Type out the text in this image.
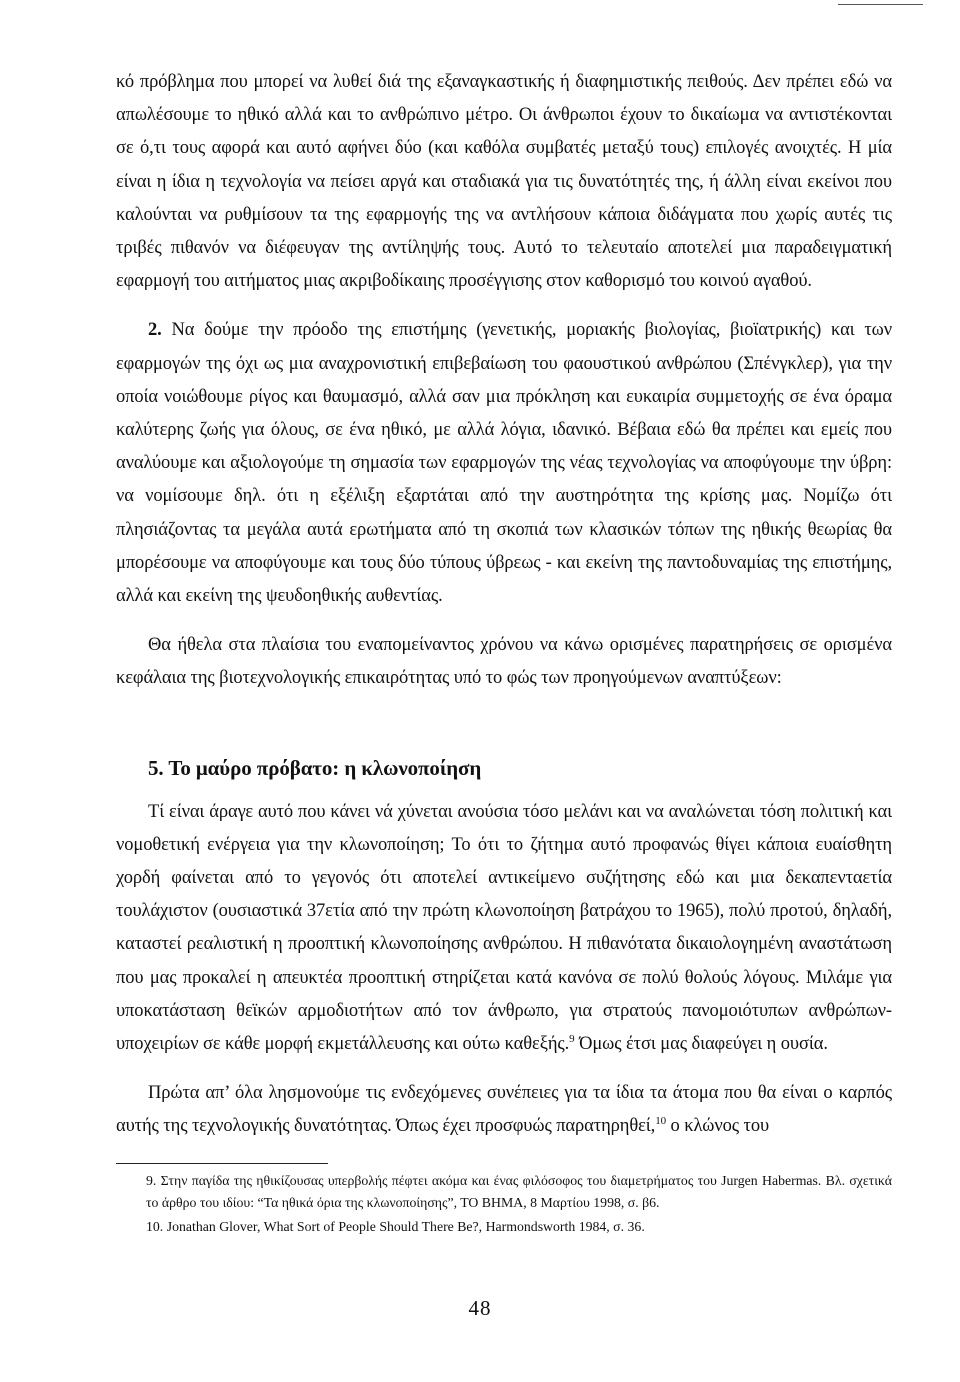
κό πρόβλημα που μπορεί να λυθεί διά της εξαναγκαστικής ή διαφημιστικής πειθούς. Δεν πρέπει εδώ να απωλέσουμε το ηθικό αλλά και το ανθρώπινο μέτρο. Οι άνθρωποι έχουν το δικαίωμα να αντιστέκονται σε ό,τι τους αφορά και αυτό αφήνει δύο (και καθόλα συμβατές μεταξύ τους) επιλογές ανοιχτές. Η μία είναι η ίδια η τεχνολογία να πείσει αργά και σταδιακά για τις δυνατότητές της, ή άλλη είναι εκείνοι που καλούνται να ρυθμίσουν τα της εφαρμογής της να αντλήσουν κάποια διδάγματα που χωρίς αυτές τις τριβές πιθανόν να διέφευγαν της αντίληψής τους. Αυτό το τελευταίο αποτελεί μια παραδειγματική εφαρμογή του αιτήματος μιας ακριβοδίκαιης προσέγγισης στον καθορισμό του κοινού αγαθού.

2. Να δούμε την πρόοδο της επιστήμης (γενετικής, μοριακής βιολογίας, βιοϊατρικής) και των εφαρμογών της όχι ως μια αναχρονιστική επιβεβαίωση του φαουστικού ανθρώπου (Σπένγκλερ), για την οποία νοιώθουμε ρίγος και θαυμασμό, αλλά σαν μια πρόκληση και ευκαιρία συμμετοχής σε ένα όραμα καλύτερης ζωής για όλους, σε ένα ηθικό, με αλλά λόγια, ιδανικό. Βέβαια εδώ θα πρέπει και εμείς που αναλύουμε και αξιολογούμε τη σημασία των εφαρμογών της νέας τεχνολογίας να αποφύγουμε την ύβρη: να νομίσουμε δηλ. ότι η εξέλιξη εξαρτάται από την αυστηρότητα της κρίσης μας. Νομίζω ότι πλησιάζοντας τα μεγάλα αυτά ερωτήματα από τη σκοπιά των κλασικών τόπων της ηθικής θεωρίας θα μπορέσουμε να αποφύγουμε και τους δύο τύπους ύβρεως - και εκείνη της παντοδυναμίας της επιστήμης, αλλά και εκείνη της ψευδοηθικής αυθεντίας.

Θα ήθελα στα πλαίσια του εναπομείναντος χρόνου να κάνω ορισμένες παρατηρήσεις σε ορισμένα κεφάλαια της βιοτεχνολογικής επικαιρότητας υπό το φώς των προηγούμενων αναπτύξεων:

5. Το μαύρο πρόβατο: η κλωνοποίηση

Τί είναι άραγε αυτό που κάνει νά χύνεται ανούσια τόσο μελάνι και να αναλώνεται τόση πολιτική και νομοθετική ενέργεια για την κλωνοποίηση; Το ότι το ζήτημα αυτό προφανώς θίγει κάποια ευαίσθητη χορδή φαίνεται από το γεγονός ότι αποτελεί αντικείμενο συζήτησης εδώ και μια δεκαπενταετία τουλάχιστον (ουσιαστικά 37ετία από την πρώτη κλωνοποίηση βατράχου το 1965), πολύ προτού, δηλαδή, καταστεί ρεαλιστική η προοπτική κλωνοποίησης ανθρώπου. Η πιθανότατα δικαιολογημένη αναστάτωση που μας προκαλεί η απευκτέα προοπτική στηρίζεται κατά κανόνα σε πολύ θολούς λόγους. Μιλάμε για υποκατάσταση θεϊκών αρμοδιοτήτων από τον άνθρωπο, για στρατούς πανομοιότυπων ανθρώπων-υποχειρίων σε κάθε μορφή εκμετάλλευσης και ούτω καθεξής.$^9$ Όμως έτσι μας διαφεύγει η ουσία.

Πρώτα απ’ όλα λησμονούμε τις ενδεχόμενες συνέπειες για τα ίδια τα άτομα που θα είναι ο καρπός αυτής της τεχνολογικής δυνατότητας. Όπως έχει προσφυώς παρατηρηθεί,$^{10}$ ο κλώνος του

9. Στην παγίδα της ηθικίζουσας υπερβολής πέφτει ακόμα και ένας φιλόσοφος του διαμετρήματος του Jurgen Habermas. Βλ. σχετικά το άρθρο του ιδίου: “Τα ηθικά όρια της κλωνοποίησης”, ΤΟ ΒΗΜΑ, 8 Μαρτίου 1998, σ. β6.

10. Jonathan Glover, What Sort of People Should There Be?, Harmondsworth 1984, σ. 36.

48
